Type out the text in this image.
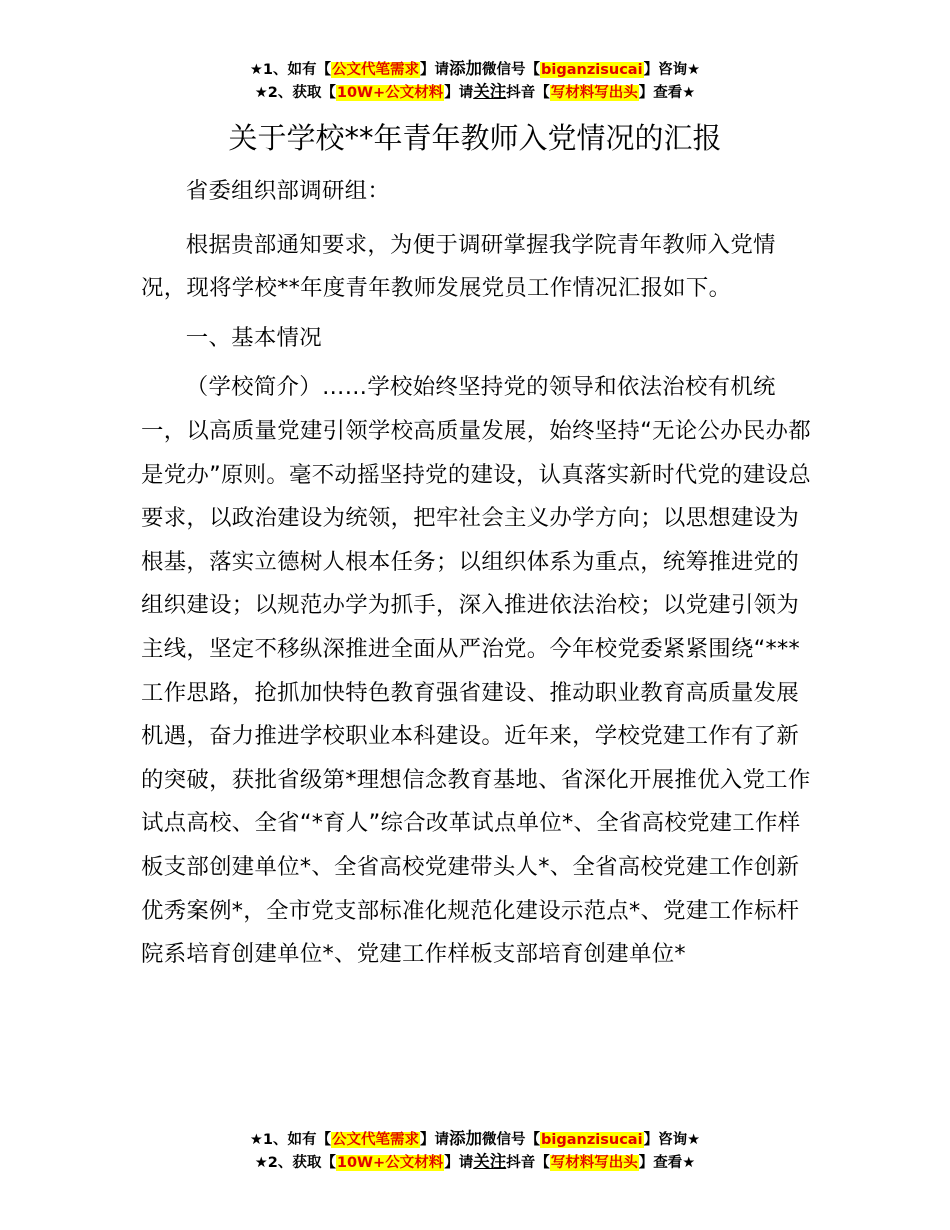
★1、如有【公文代笔需求】请添加微信号【biganzisucai】咨询★
★2、获取【10W+公文材料】请关注抖音【写材料写出头】查看★
关于学校**年青年教师入党情况的汇报

省委组织部调研组：

根据贵部通知要求，为便于调研掌握我学院青年教师入党情况，现将学校**年度青年教师发展党员工作情况汇报如下。

一、基本情况

（学校简介）……学校始终坚持党的领导和依法治校有机统一，以高质量党建引领学校高质量发展，始终坚持“无论公办民办都是党办”原则。毫不动摇坚持党的建设，认真落实新时代党的建设总要求，以政治建设为统领，把牢社会主义办学方向；以思想建设为根基，落实立德树人根本任务；以组织体系为重点，统筹推进党的组织建设；以规范办学为抓手，深入推进依法治校；以党建引领为主线，坚定不移纵深推进全面从严治党。今年校党委紧紧围绕“***工作思路，抢抓加快特色教育强省建设、推动职业教育高质量发展机遇，奋力推进学校职业本科建设。近年来，学校党建工作有了新的突破，获批省级第*理想信念教育基地、省深化开展推优入党工作试点高校、全省“*育人”综合改革试点单位*、全省高校党建工作样板支部创建单位*、全省高校党建带头人*、全省高校党建工作创新优秀案例*，全市党支部标准化规范化建设示范点*、党建工作标杆院系培育创建单位*、党建工作样板支部培育创建单位*

★1、如有【公文代笔需求】请添加微信号【biganzisucai】咨询★
★2、获取【10W+公文材料】请关注抖音【写材料写出头】查看★
